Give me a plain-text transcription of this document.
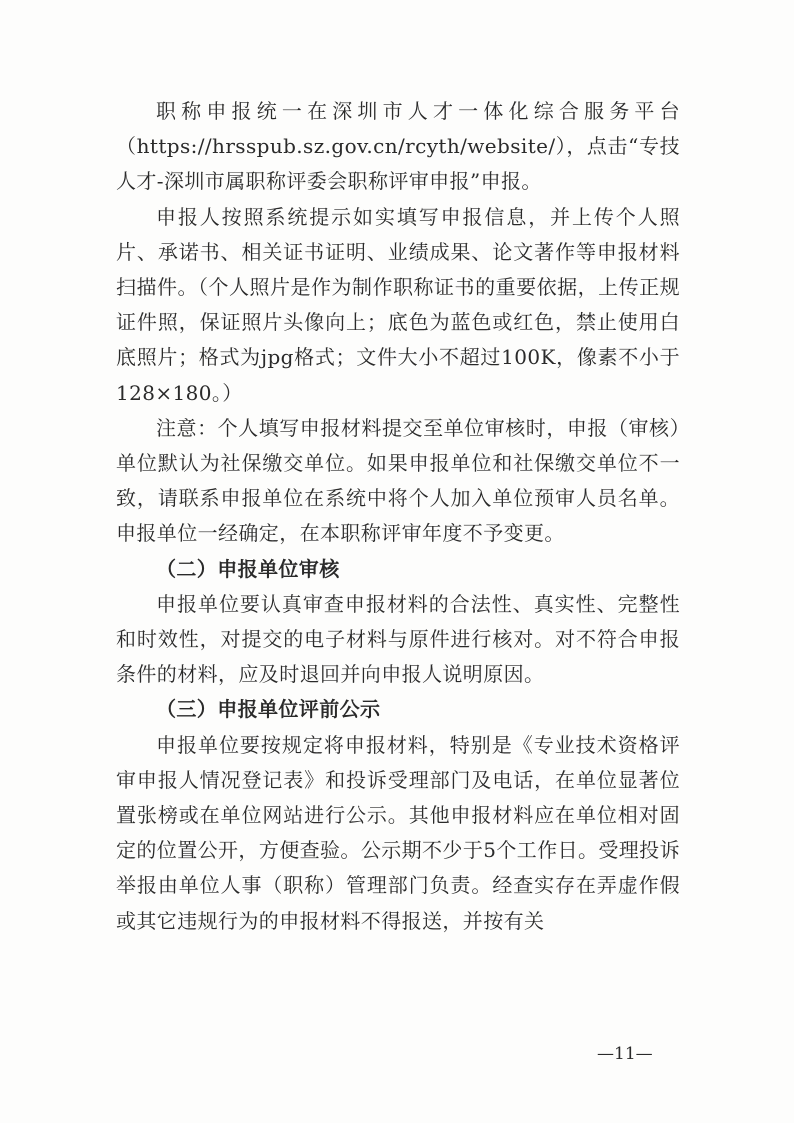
职称申报统一在深圳市人才一体化综合服务平台（https://hrsspub.sz.gov.cn/rcyth/website/），点击“专技人才-深圳市属职称评委会职称评审申报”申报。

申报人按照系统提示如实填写申报信息，并上传个人照片、承诺书、相关证书证明、业绩成果、论文著作等申报材料扫描件。（个人照片是作为制作职称证书的重要依据，上传正规证件照，保证照片头像向上；底色为蓝色或红色，禁止使用白底照片；格式为jpg格式；文件大小不超过100K，像素不小于128×180。）

注意：个人填写申报材料提交至单位审核时，申报（审核）单位默认为社保缴交单位。如果申报单位和社保缴交单位不一致，请联系申报单位在系统中将个人加入单位预审人员名单。申报单位一经确定，在本职称评审年度不予变更。

（二）申报单位审核

申报单位要认真审查申报材料的合法性、真实性、完整性和时效性，对提交的电子材料与原件进行核对。对不符合申报条件的材料，应及时退回并向申报人说明原因。

（三）申报单位评前公示

申报单位要按规定将申报材料，特别是《专业技术资格评审申报人情况登记表》和投诉受理部门及电话，在单位显著位置张榜或在单位网站进行公示。其他申报材料应在单位相对固定的位置公开，方便查验。公示期不少于5个工作日。受理投诉举报由单位人事（职称）管理部门负责。经查实存在弄虚作假或其它违规行为的申报材料不得报送，并按有关

—11—
